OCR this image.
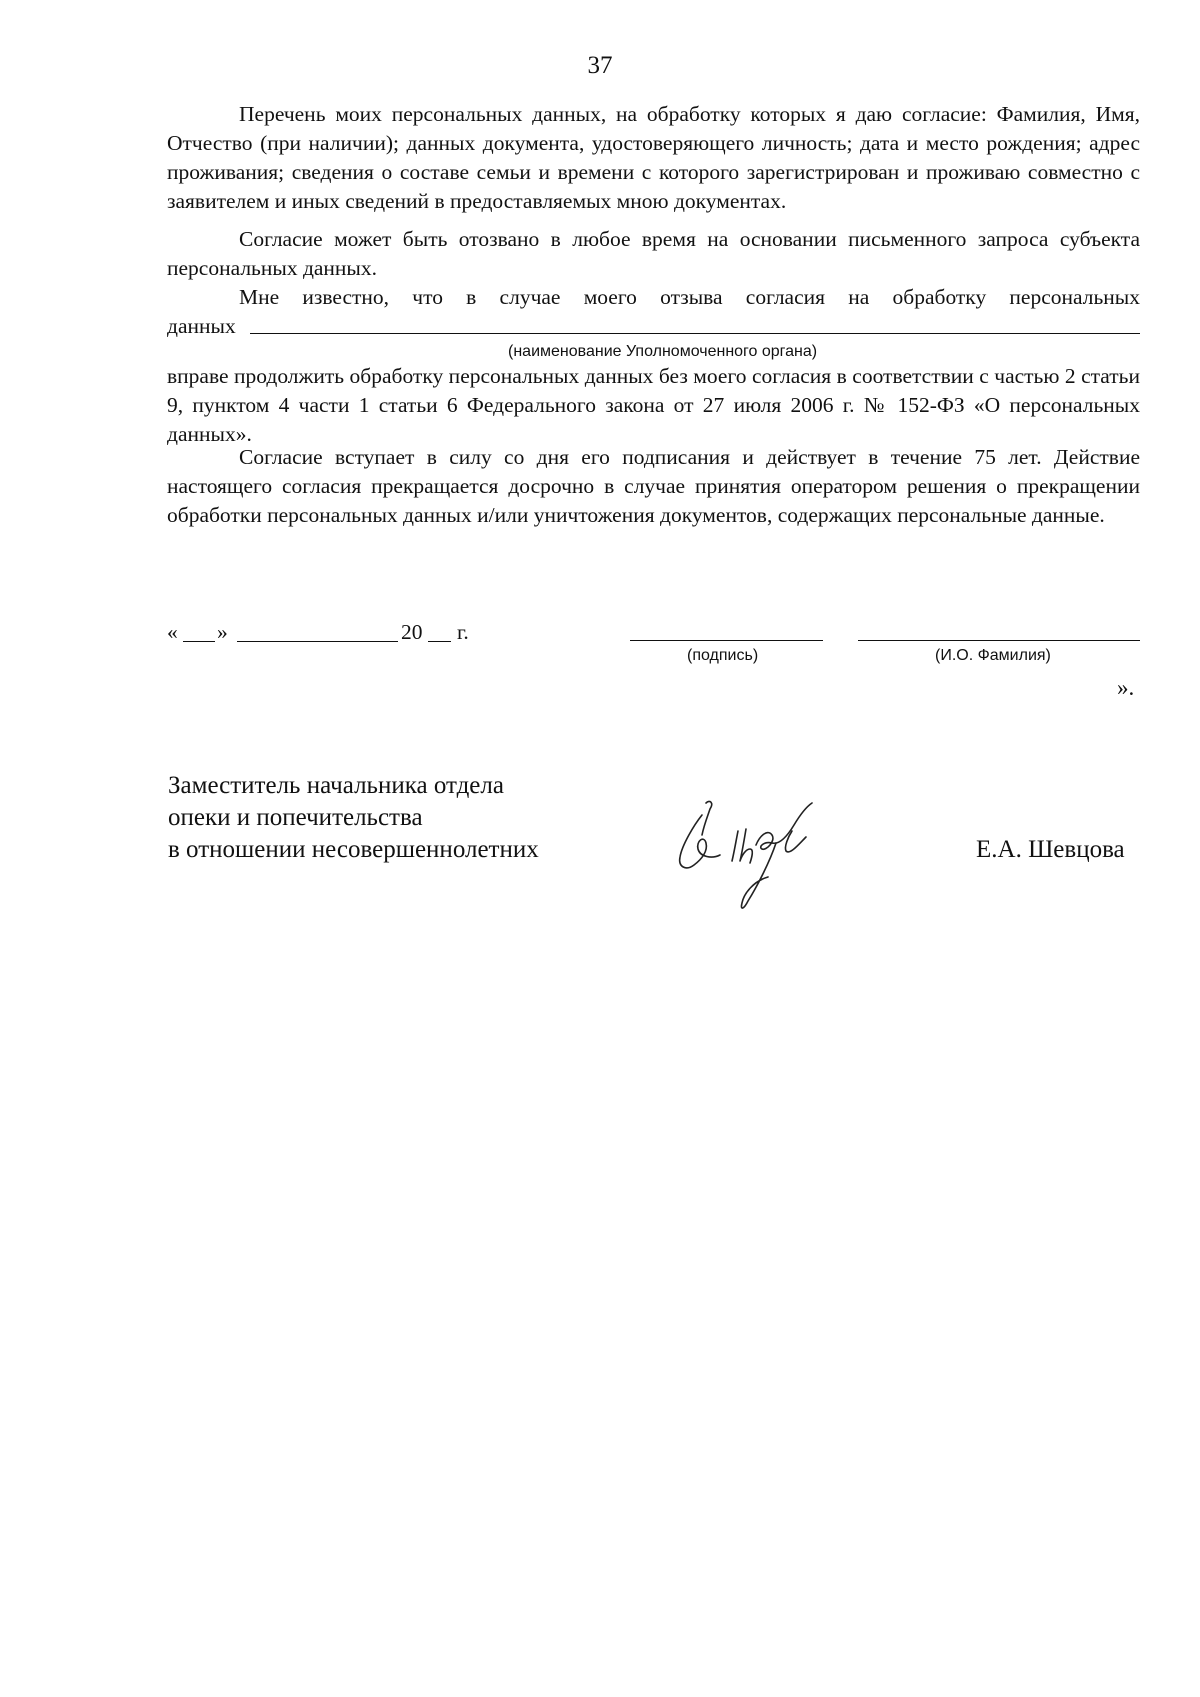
37

Перечень моих персональных данных, на обработку которых я даю согласие: Фамилия, Имя, Отчество (при наличии); данных документа, удостоверяющего личность; дата и место рождения; адрес проживания; сведения о составе семьи и времени с которого зарегистрирован и проживаю совместно с заявителем и иных сведений в предоставляемых мною документах.

Согласие может быть отозвано в любое время на основании письменного запроса субъекта персональных данных.

Мне известно, что в случае моего отзыва согласия на обработку персональных
данных
(наименование Уполномоченного органа)

вправе продолжить обработку персональных данных без моего согласия в соответствии с частью 2 статьи 9, пунктом 4 части 1 статьи 6 Федерального закона от 27 июля 2006 г. № 152-ФЗ «О персональных данных».

Согласие вступает в силу со дня его подписания и действует в течение 75 лет. Действие настоящего согласия прекращается досрочно в случае принятия оператором решения о прекращении обработки персональных данных и/или уничтожения документов, содержащих персональные данные.

« »	20 г.
(подпись)	(И.О. Фамилия)
».
Заместитель начальника отдела
опеки и попечительства
в отношении несовершеннолетних	Е.А. Шевцова
